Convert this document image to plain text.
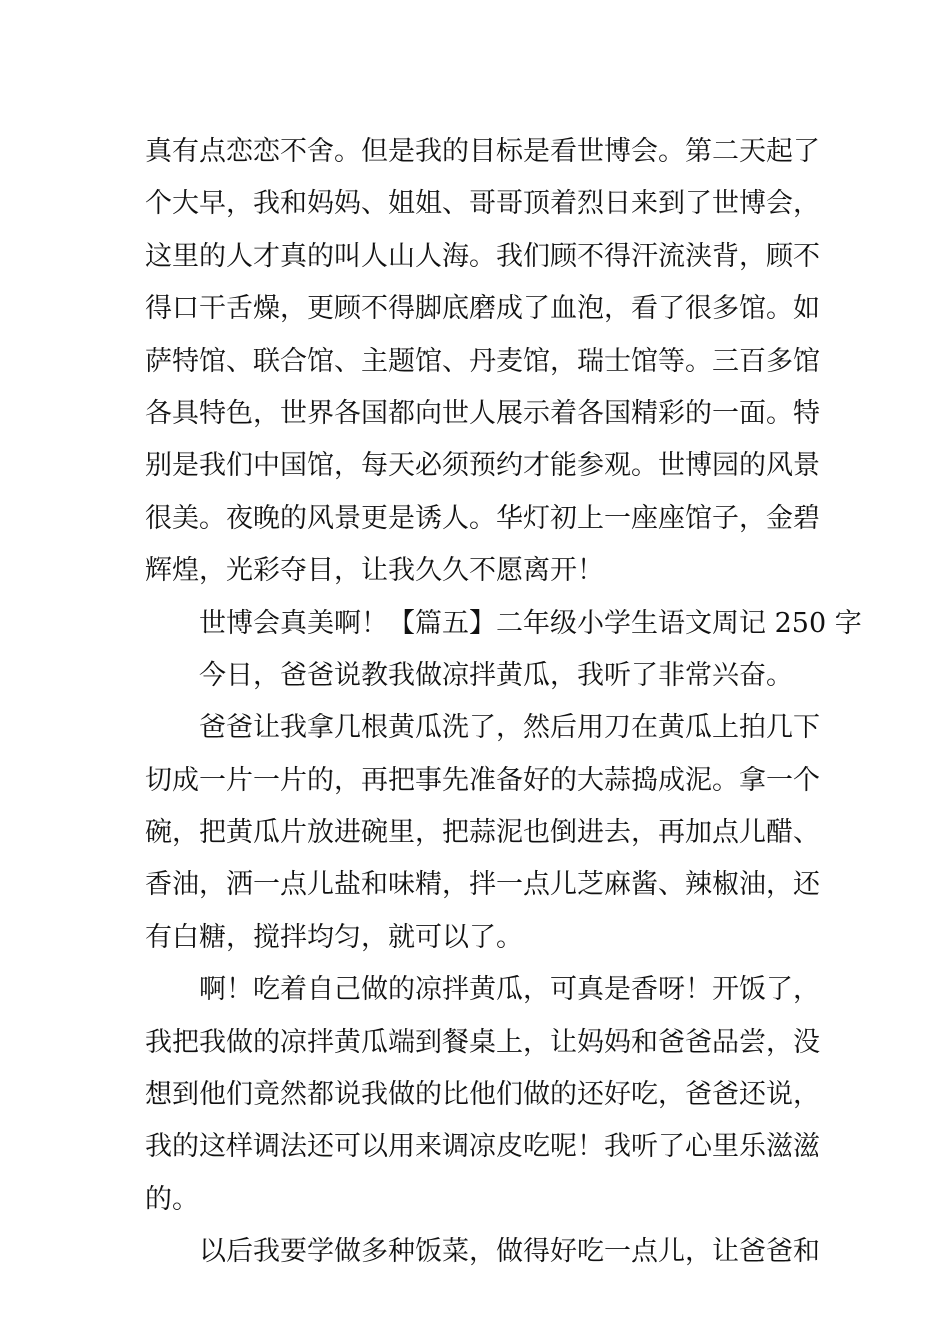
真有点恋恋不舍。但是我的目标是看世博会。第二天起了
个大早，我和妈妈、姐姐、哥哥顶着烈日来到了世博会，
这里的人才真的叫人山人海。我们顾不得汗流浃背，顾不
得口干舌燥，更顾不得脚底磨成了血泡，看了很多馆。如
萨特馆、联合馆、主题馆、丹麦馆，瑞士馆等。三百多馆
各具特色，世界各国都向世人展示着各国精彩的一面。特
别是我们中国馆，每天必须预约才能参观。世博园的风景
很美。夜晚的风景更是诱人。华灯初上一座座馆子，金碧
辉煌，光彩夺目，让我久久不愿离开！
世博会真美啊！【篇五】二年级小学生语文周记 250 字
今日，爸爸说教我做凉拌黄瓜，我听了非常兴奋。
爸爸让我拿几根黄瓜洗了，然后用刀在黄瓜上拍几下
切成一片一片的，再把事先准备好的大蒜捣成泥。拿一个
碗，把黄瓜片放进碗里，把蒜泥也倒进去，再加点儿醋、
香油，洒一点儿盐和味精，拌一点儿芝麻酱、辣椒油，还
有白糖，搅拌均匀，就可以了。
啊！吃着自己做的凉拌黄瓜，可真是香呀！开饭了，
我把我做的凉拌黄瓜端到餐桌上，让妈妈和爸爸品尝，没
想到他们竟然都说我做的比他们做的还好吃，爸爸还说，
我的这样调法还可以用来调凉皮吃呢！我听了心里乐滋滋
的。
以后我要学做多种饭菜，做得好吃一点儿，让爸爸和
